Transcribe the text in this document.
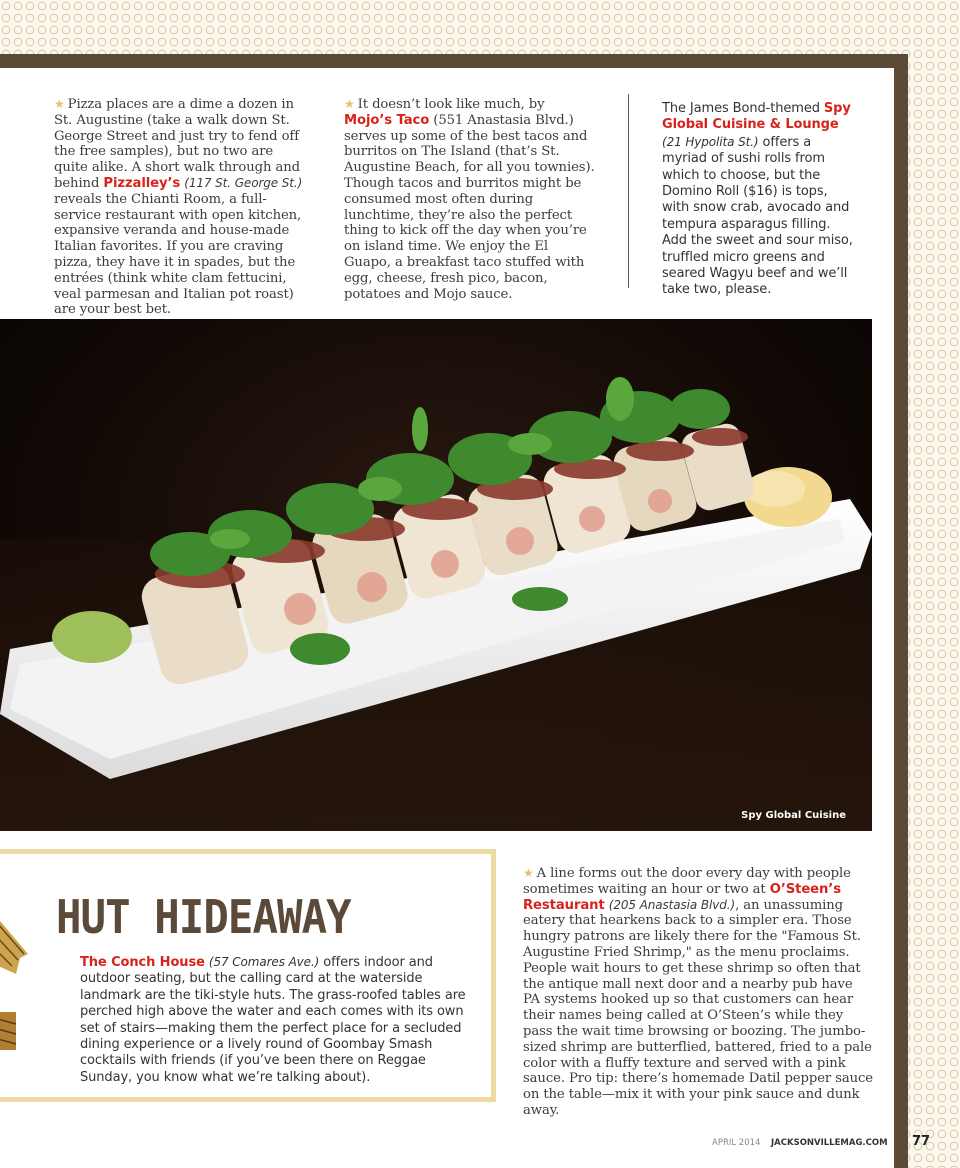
★ Pizza places are a dime a dozen in St. Augustine (take a walk down St. George Street and just try to fend off the free samples), but no two are quite alike. A short walk through and behind Pizzalley’s (117 St. George St.) reveals the Chianti Room, a full-service restaurant with open kitchen, expansive veranda and house-made Italian favorites. If you are craving pizza, they have it in spades, but the entrées (think white clam fettucini, veal parmesan and Italian pot roast) are your best bet.
★ It doesn’t look like much, by Mojo’s Taco (551 Anastasia Blvd.) serves up some of the best tacos and burritos on The Island (that’s St. Augustine Beach, for all you townies). Though tacos and burritos might be consumed most often during lunchtime, they’re also the perfect thing to kick off the day when you’re on island time. We enjoy the El Guapo, a breakfast taco stuffed with egg, cheese, fresh pico, bacon, potatoes and Mojo sauce.
The James Bond-themed Spy Global Cuisine & Lounge (21 Hypolita St.) offers a myriad of sushi rolls from which to choose, but the Domino Roll ($16) is tops, with snow crab, avocado and tempura asparagus filling. Add the sweet and sour miso, truffled micro greens and seared Wagyu beef and we’ll take two, please.
Spy Global Cuisine
HUT HIDEAWAY
The Conch House (57 Comares Ave.) offers indoor and outdoor seating, but the calling card at the waterside landmark are the tiki-style huts. The grass-roofed tables are perched high above the water and each comes with its own set of stairs—making them the perfect place for a secluded dining experience or a lively round of Goombay Smash cocktails with friends (if you’ve been there on Reggae Sunday, you know what we’re talking about).
★ A line forms out the door every day with people sometimes waiting an hour or two at O’Steen’s Restaurant (205 Anastasia Blvd.), an unassuming eatery that hearkens back to a simpler era. Those hungry patrons are likely there for the "Famous St. Augustine Fried Shrimp," as the menu proclaims. People wait hours to get these shrimp so often that the antique mall next door and a nearby pub have PA systems hooked up so that customers can hear their names being called at O’Steen’s while they pass the wait time browsing or boozing. The jumbo-sized shrimp are butterflied, battered, fried to a pale color with a fluffy texture and served with a pink sauce. Pro tip: there’s homemade Datil pepper sauce on the table—mix it with your pink sauce and dunk away.
APRIL 2014 JACKSONVILLEMAG.COM 77
